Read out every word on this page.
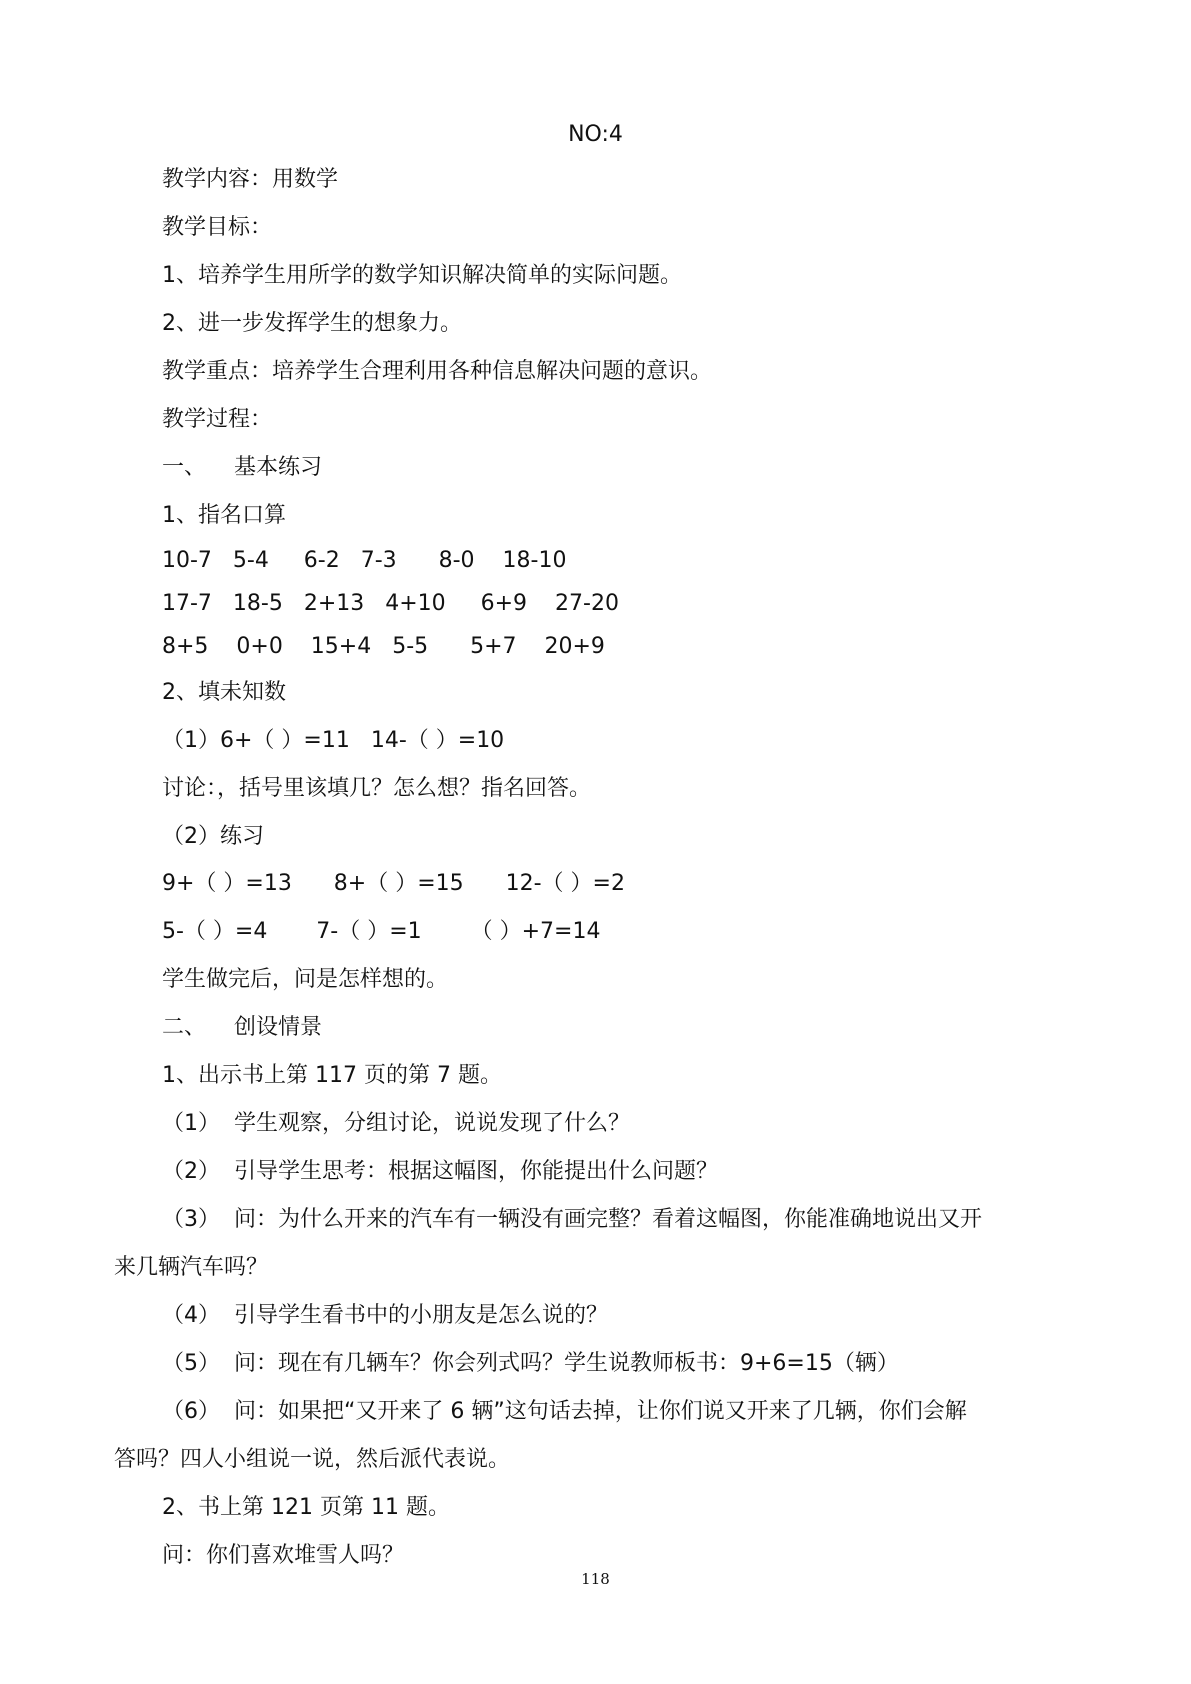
NO:4
教学内容：用数学
教学目标：
1、培养学生用所学的数学知识解决简单的实际问题。
2、进一步发挥学生的想象力。
教学重点：培养学生合理利用各种信息解决问题的意识。
教学过程：
一、    基本练习
1、指名口算
10-7   5-4     6-2   7-3      8-0    18-10
17-7   18-5   2+13   4+10     6+9    27-20
8+5    0+0    15+4   5-5      5+7    20+9
2、填未知数
（1）6+（ ）=11   14-（ ）=10
讨论：，括号里该填几？怎么想？指名回答。
（2）练习
9+（ ）=13      8+（ ）=15      12-（ ）=2
5-（ ）=4       7-（ ）=1       （ ）+7=14
学生做完后，问是怎样想的。
二、    创设情景
1、出示书上第 117 页的第 7 题。
（1）  学生观察，分组讨论，说说发现了什么？
（2）  引导学生思考：根据这幅图，你能提出什么问题？
（3）  问：为什么开来的汽车有一辆没有画完整？看着这幅图，你能准确地说出又开
来几辆汽车吗？
（4）  引导学生看书中的小朋友是怎么说的？
（5）  问：现在有几辆车？你会列式吗？学生说教师板书：9+6=15（辆）
（6）  问：如果把“又开来了 6 辆”这句话去掉，让你们说又开来了几辆，你们会解
答吗？四人小组说一说，然后派代表说。
2、书上第 121 页第 11 题。
问：你们喜欢堆雪人吗？
118
